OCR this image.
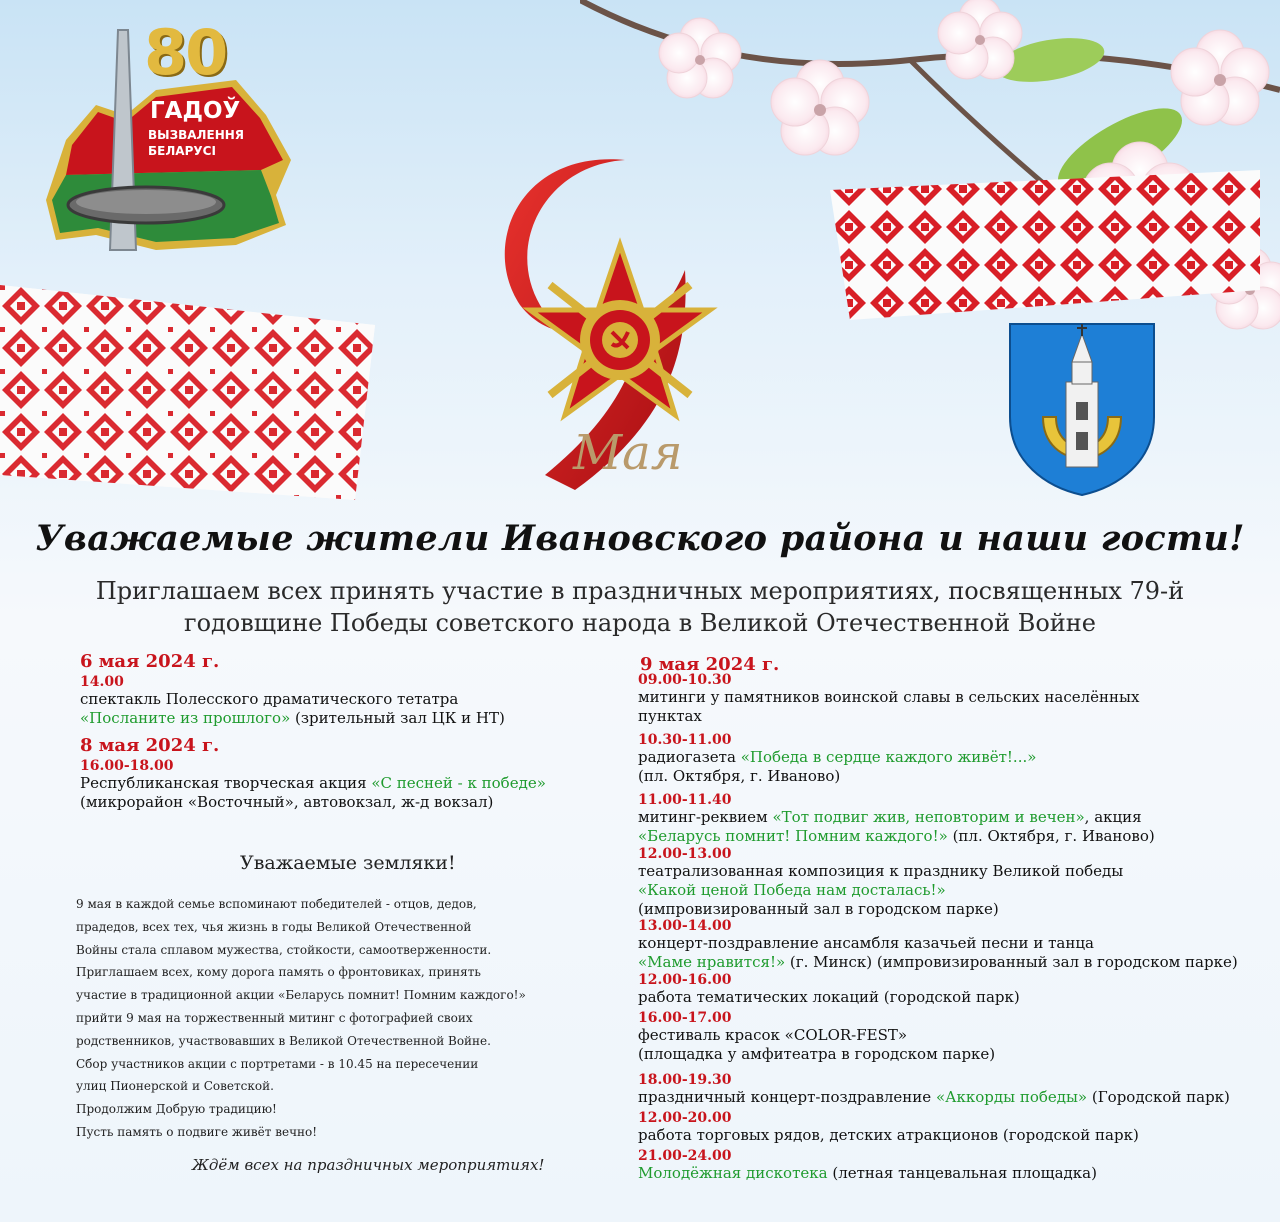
80
ГАДОЎ
ВЫЗВАЛЕННЯ
БЕЛАРУСІ
Мая
Уважаемые жители Ивановского района и наши гости!
Приглашаем всех принять участие в праздничных мероприятиях, посвященных 79-й
годовщине Победы советского народа в Великой Отечественной Войне
6 мая 2024 г.
14.00
спектакль Полесского драматического тетатра
«Посланите из прошлого» (зрительный зал ЦК и НТ)
8 мая 2024 г.
16.00-18.00
Республиканская творческая акция «С песней - к победе»
(микрорайон «Восточный», автовокзал, ж-д вокзал)
Уважаемые земляки!

9 мая в каждой семье вспоминают победителей - отцов, дедов,

прадедов, всех тех, чья жизнь в годы Великой Отечественной

Войны стала сплавом мужества, стойкости, самоотверженности.

Приглашаем всех, кому дорога память о фронтовиках, принять

участие в традиционной акции «Беларусь помнит! Помним каждого!»

прийти 9 мая на торжественный митинг с фотографией своих

родственников, участвовавших в Великой Отечественной Войне.

Сбор участников акции с портретами - в 10.45 на пересечении

улиц Пионерской и Советской.

Продолжим Добрую традицию!

Пусть память о подвиге живёт вечно!

Ждём всех на праздничных мероприятиях!
9 мая 2024 г.
09.00-10.30
митинги у памятников воинской славы в сельских населённых
пунктах
10.30-11.00
радиогазета «Победа в сердце каждого живёт!...»
(пл. Октября, г. Иваново)
11.00-11.40
митинг-реквием «Тот подвиг жив, неповторим и вечен», акция
«Беларусь помнит! Помним каждого!» (пл. Октября, г. Иваново)
12.00-13.00
театрализованная композиция к празднику Великой победы
«Какой ценой Победа нам досталась!»
(импровизированный зал в городском парке)
13.00-14.00
концерт-поздравление ансамбля казачьей песни и танца
«Маме нравится!» (г. Минск) (импровизированный зал в городском парке)
12.00-16.00
работа тематических локаций (городской парк)
16.00-17.00
фестиваль красок «COLOR-FEST»
(площадка у амфитеатра в городском парке)
18.00-19.30
праздничный концерт-поздравление «Аккорды победы» (Городской парк)
12.00-20.00
работа торговых рядов, детских атракционов (городской парк)
21.00-24.00
Молодёжная дискотека (летная танцевальная площадка)
